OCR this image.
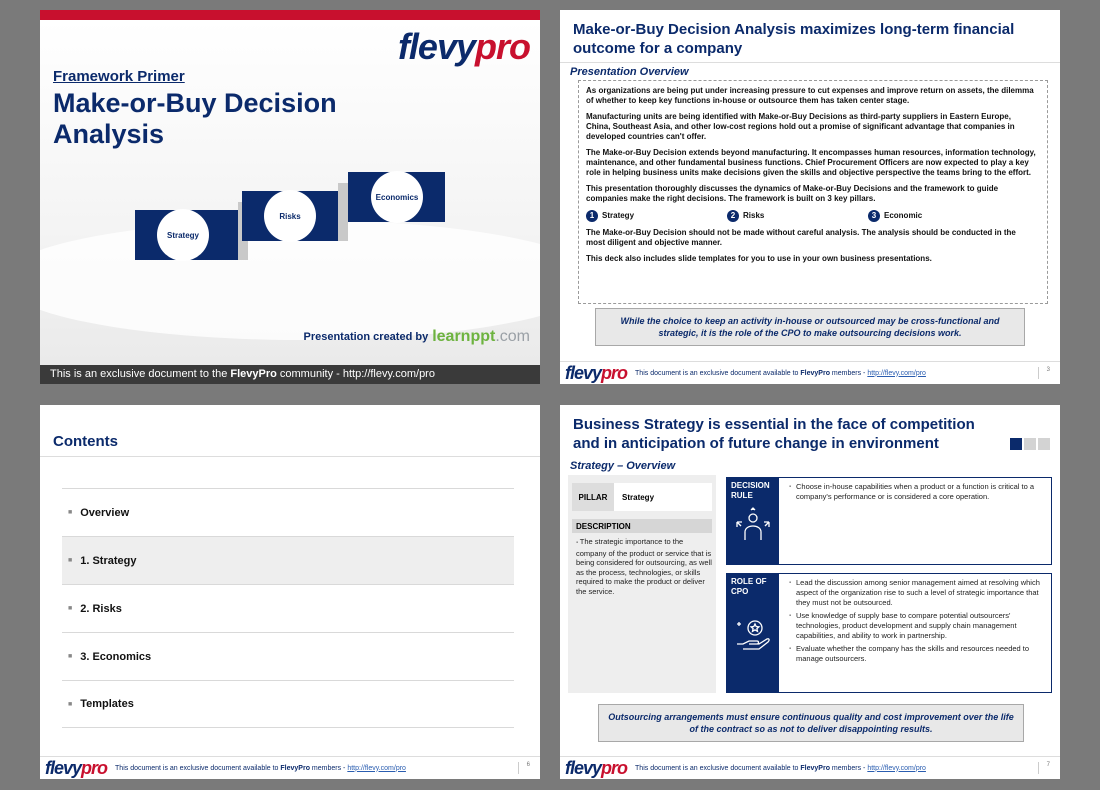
flevypro
Framework Primer
Make-or-Buy Decision Analysis
Strategy
Risks
Economics
Presentation created by learnppt.com
This is an exclusive document to the FlevyPro community - http://flevy.com/pro
Make-or-Buy Decision Analysis maximizes long-term financial outcome for a company
Presentation Overview

As organizations are being put under increasing pressure to cut expenses and improve return on assets, the dilemma of whether to keep key functions in-house or outsource them has taken center stage.

Manufacturing units are being identified with Make-or-Buy Decisions as third-party suppliers in Eastern Europe, China, Southeast Asia, and other low-cost regions hold out a promise of significant advantage that companies in developed countries can't offer.

The Make-or-Buy Decision extends beyond manufacturing. It encompasses human resources, information technology, maintenance, and other fundamental business functions. Chief Procurement Officers are now expected to play a key role in helping business units make decisions given the skills and objective perspective the teams bring to the effort.

This presentation thoroughly discusses the dynamics of Make-or-Buy Decisions and the framework to guide companies make the right decisions. The framework is built on 3 key pillars.

1 Strategy	2 Risks	3 Economic

The Make-or-Buy Decision should not be made without careful analysis. The analysis should be conducted in the most diligent and objective manner.

This deck also includes slide templates for you to use in your own business presentations.

While the choice to keep an activity in-house or outsourced may be cross-functional and strategic, it is the role of the CPO to make outsourcing decisions work.
flevypro This document is an exclusive document available to FlevyPro members - http://flevy.com/pro	3
Contents
■ Overview
■ 1. Strategy
■ 2. Risks
■ 3. Economics
■ Templates
flevypro This document is an exclusive document available to FlevyPro members - http://flevy.com/pro	6
Business Strategy is essential in the face of competition and in anticipation of future change in environment
Strategy – Overview
PILLAR	Strategy
DESCRIPTION
▪ The strategic importance to the company of the product or service that is being considered for outsourcing, as well as the process, technologies, or skills required to make the product or deliver the service.
DECISION RULE

▪ Choose in-house capabilities when a product or a function is critical to a company's performance or is considered a core operation.

ROLE OF CPO

▪ Lead the discussion among senior management aimed at resolving which aspect of the organization rise to such a level of strategic importance that they must not be outsourced.

▪ Use knowledge of supply base to compare potential outsourcers' technologies, product development and supply chain management capabilities, and ability to work in partnership.

▪ Evaluate whether the company has the skills and resources needed to manage outsourcers.

Outsourcing arrangements must ensure continuous quality and cost improvement over the life of the contract so as not to deliver disappointing results.
flevypro This document is an exclusive document available to FlevyPro members - http://flevy.com/pro	7
